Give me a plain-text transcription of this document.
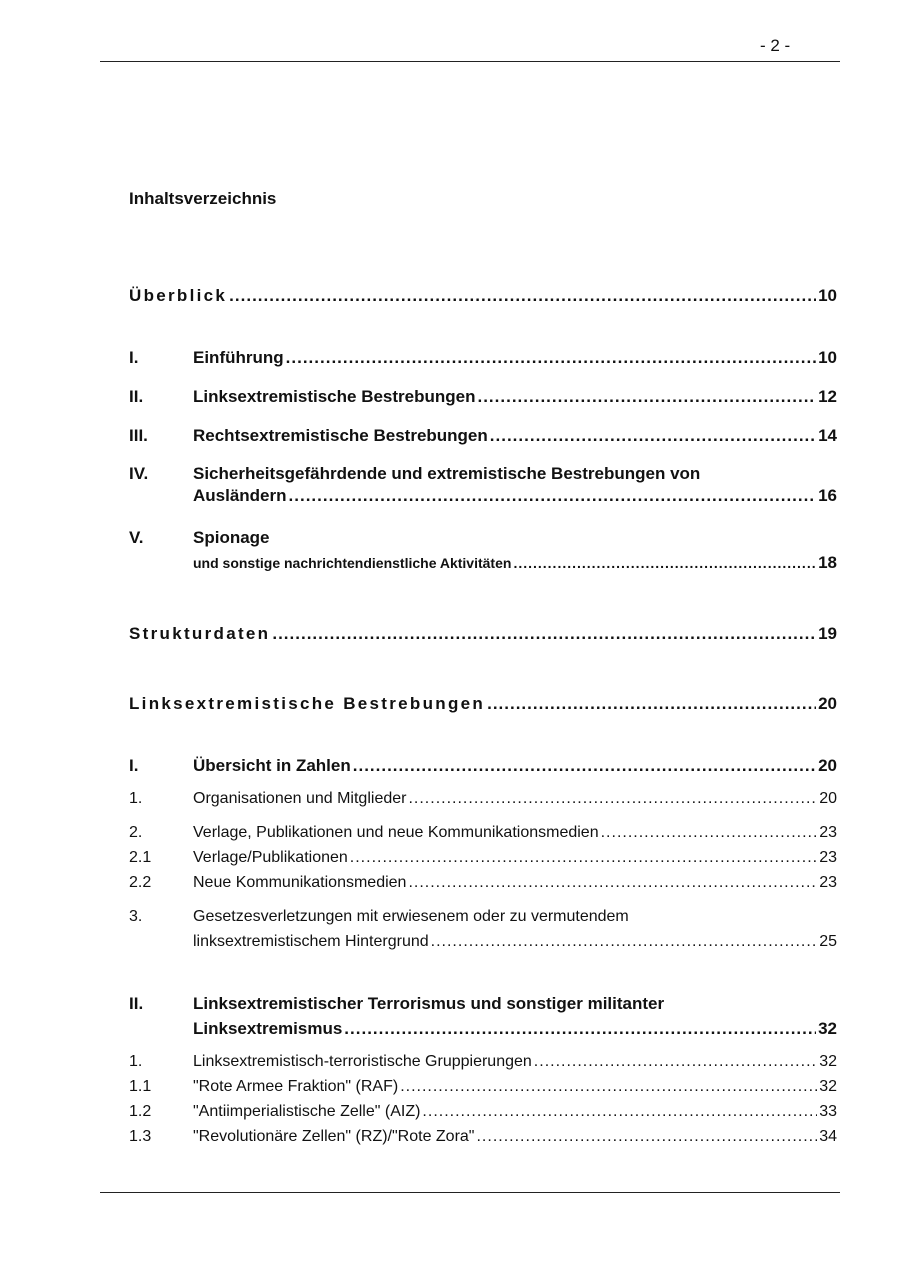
- 2 -
Inhaltsverzeichnis
Überblick .....	10
I.	Einführung .....	10
II.	Linksextremistische Bestrebungen .....	12
III.	Rechtsextremistische Bestrebungen .....	14
IV.	Sicherheitsgefährdende und extremistische Bestrebungen von
Ausländern .....	16
V.	Spionage
und sonstige nachrichtendienstliche Aktivitäten .....	18
Strukturdaten .....	19
Linksextremistische Bestrebungen .....	20
I.	Übersicht in Zahlen .....	20
1.	Organisationen und Mitglieder .....	20
2.	Verlage, Publikationen und neue Kommunikationsmedien .....	23
2.1	Verlage/Publikationen .....	23
2.2	Neue Kommunikationsmedien .....	23
3.	Gesetzesverletzungen mit erwiesenem oder zu vermutendem
linksextremistischem Hintergrund .....	25
II.	Linksextremistischer Terrorismus und sonstiger militanter
Linksextremismus .....	32
1.	Linksextremistisch-terroristische Gruppierungen .....	32
1.1	"Rote Armee Fraktion" (RAF) .....	32
1.2	"Antiimperialistische Zelle" (AIZ) .....	33
1.3	"Revolutionäre Zellen" (RZ)/"Rote Zora" .....	34
